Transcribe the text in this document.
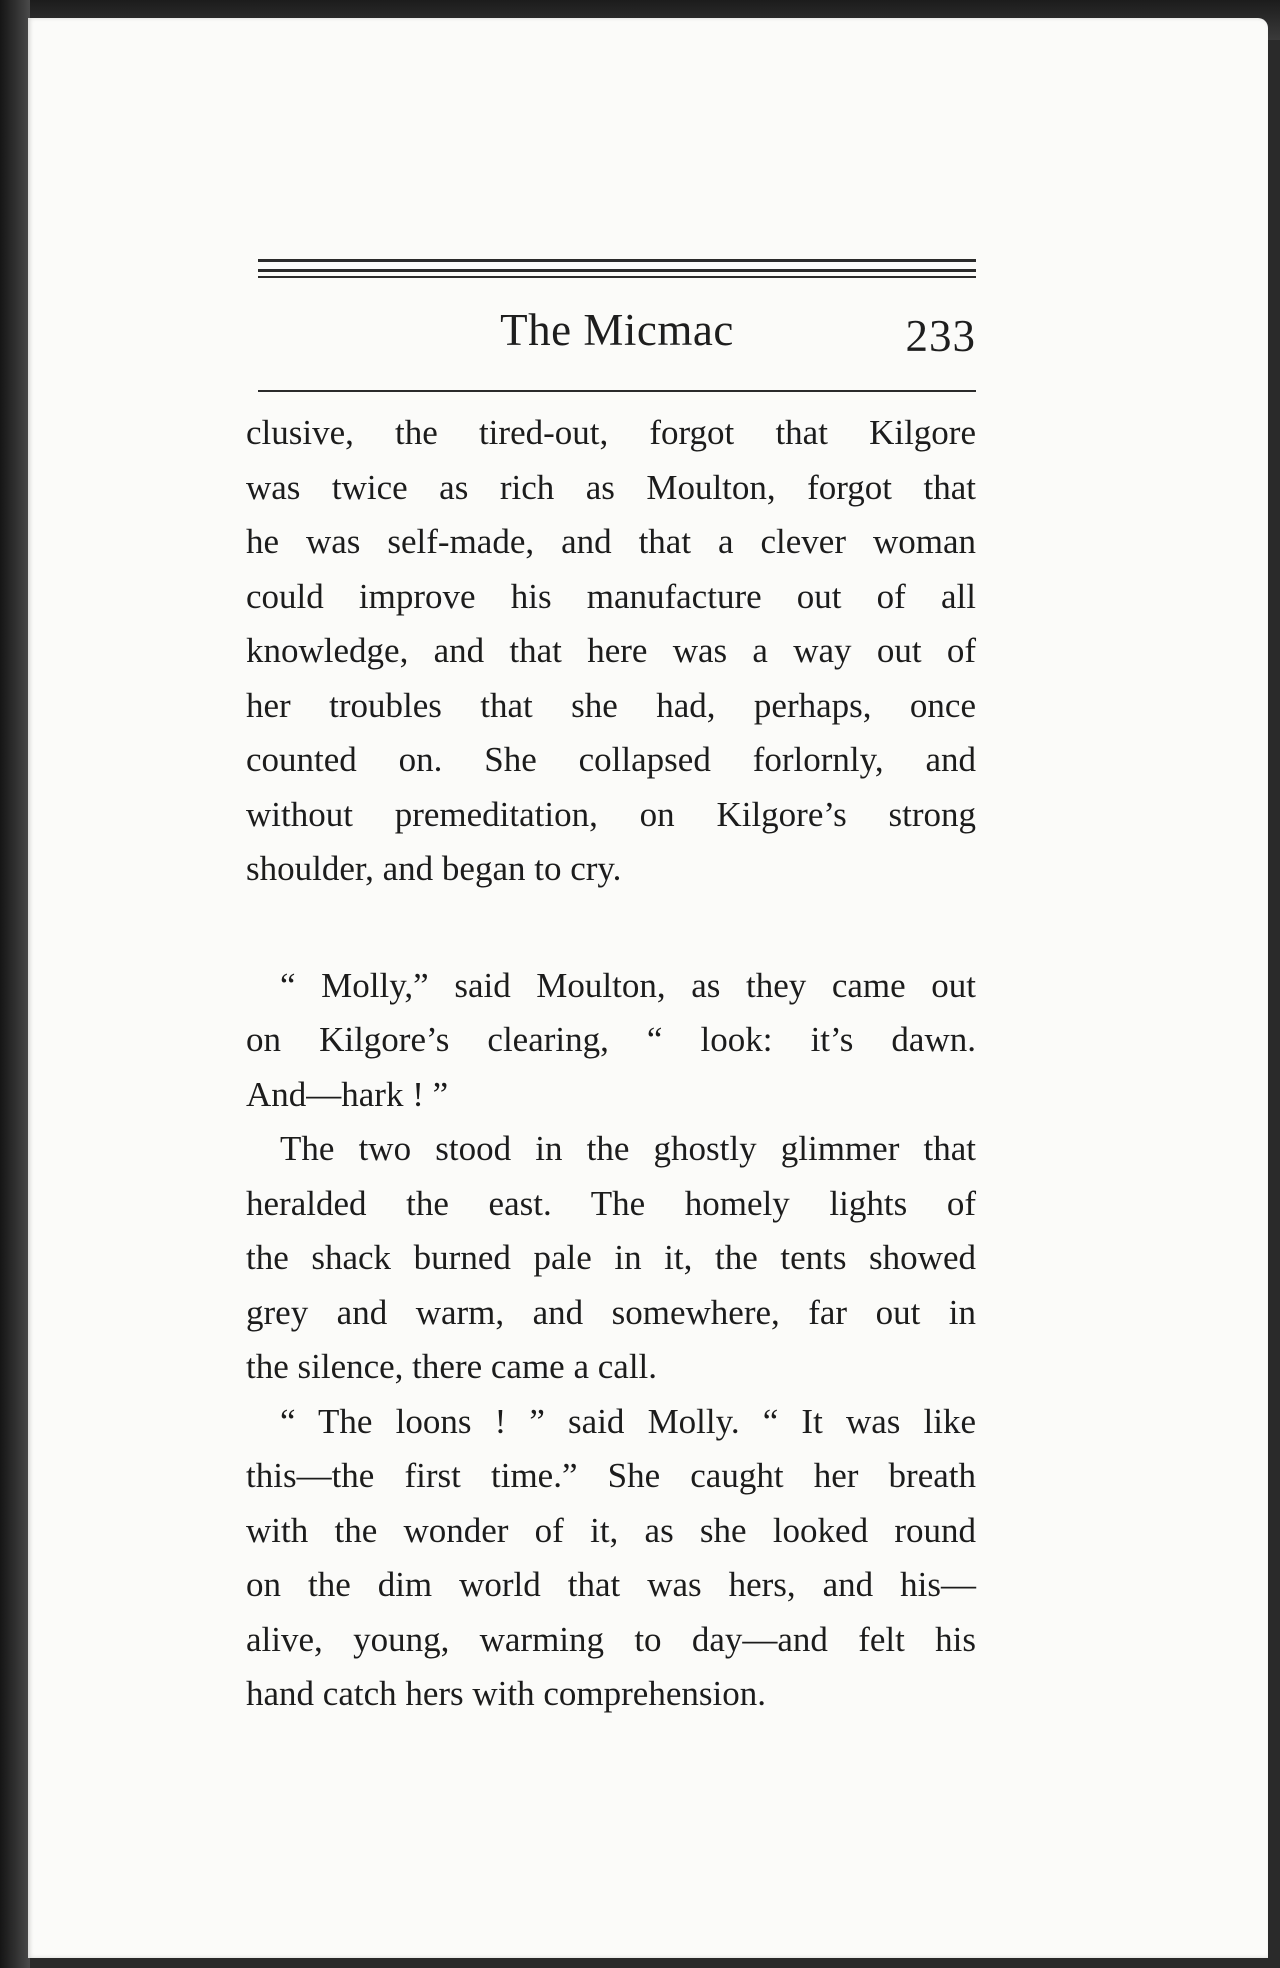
The Micmac	233
clusive, the tired-out, forgot that Kilgore
was twice as rich as Moulton, forgot that
he was self-made, and that a clever woman
could improve his manufacture out of all
knowledge, and that here was a way out of
her troubles that she had, perhaps, once
counted on. She collapsed forlornly, and
without premeditation, on Kilgore’s strong
shoulder, and began to cry.
“ Molly,” said Moulton, as they came out
on Kilgore’s clearing, “ look: it’s dawn.
And—hark ! ”
The two stood in the ghostly glimmer that
heralded the east. The homely lights of
the shack burned pale in it, the tents showed
grey and warm, and somewhere, far out in
the silence, there came a call.
“ The loons ! ” said Molly. “ It was like
this—the first time.” She caught her breath
with the wonder of it, as she looked round
on the dim world that was hers, and his—
alive, young, warming to day—and felt his
hand catch hers with comprehension.
